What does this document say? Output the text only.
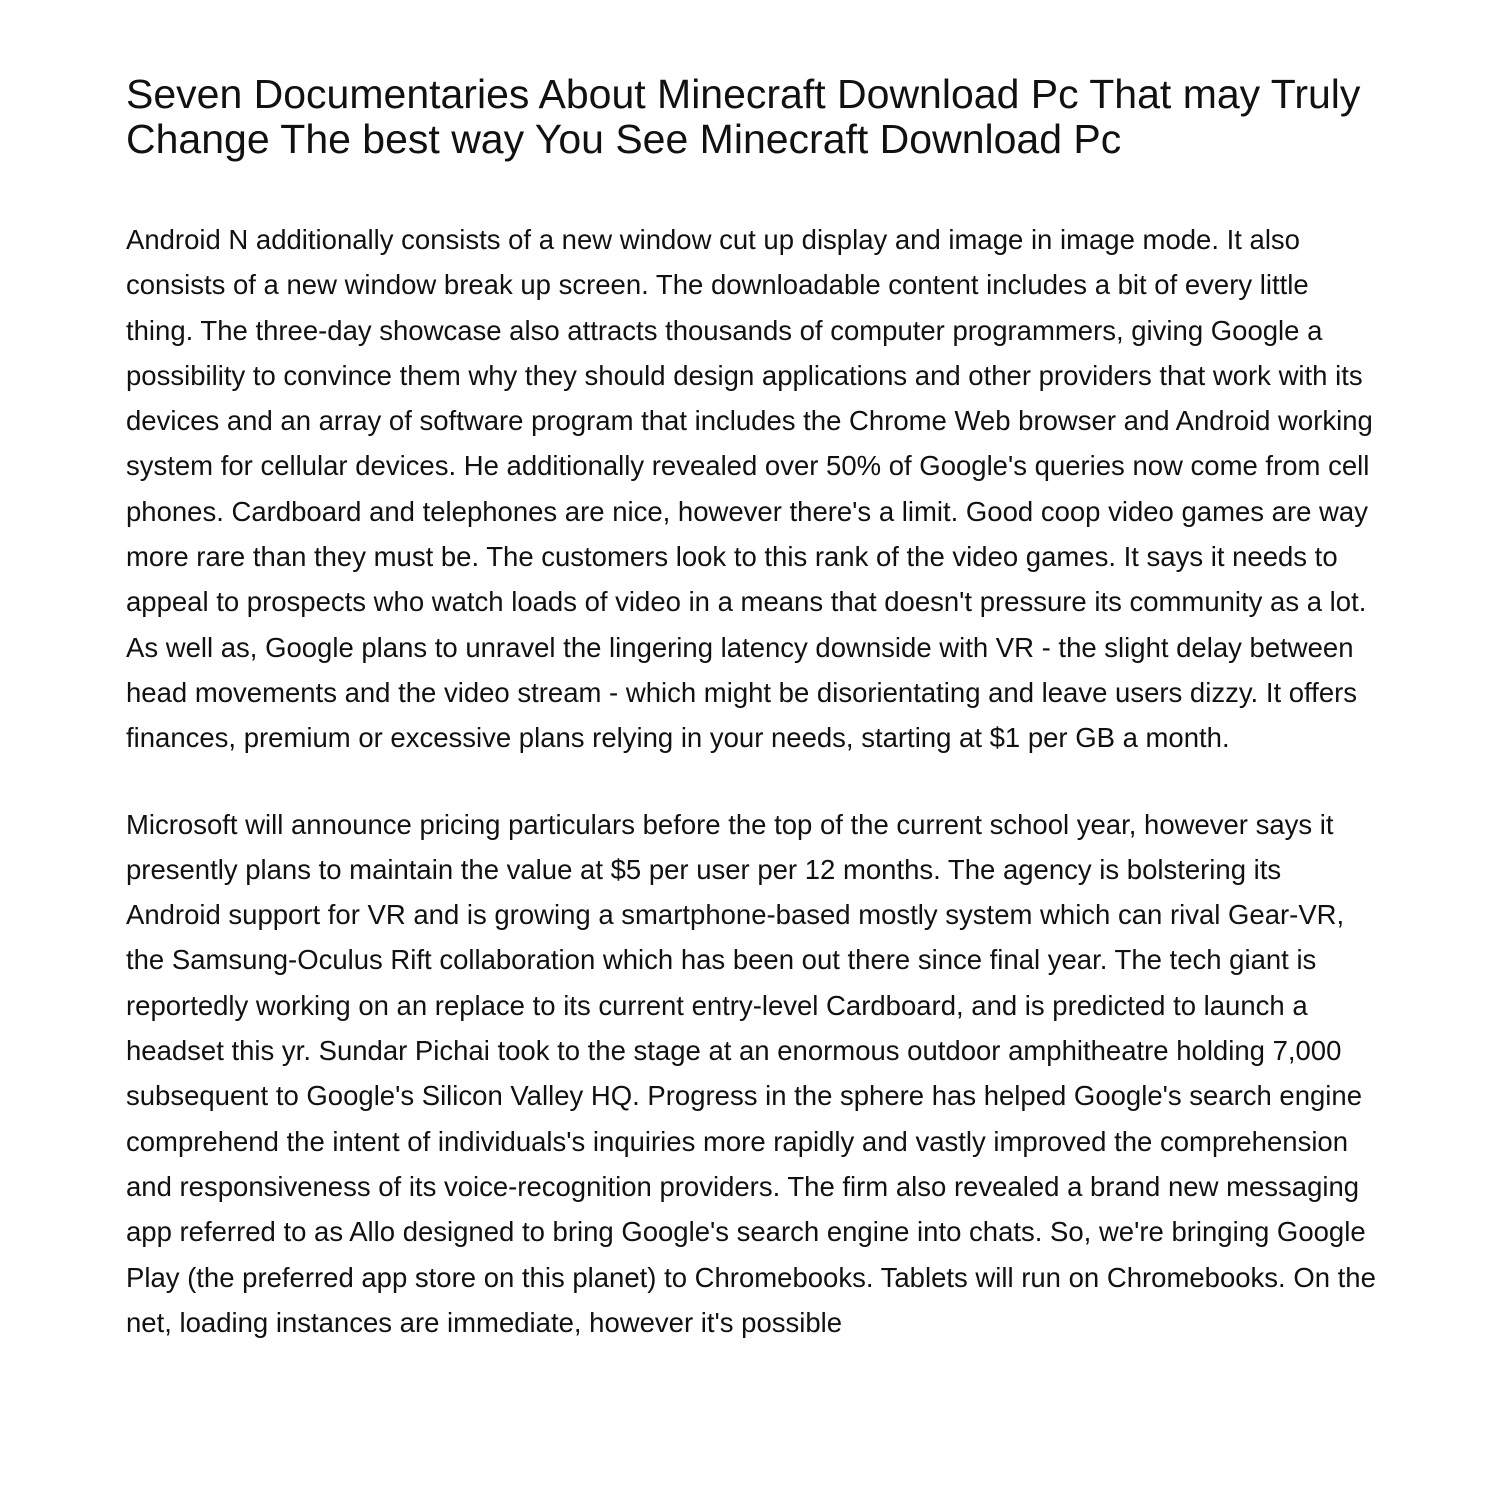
Seven Documentaries About Minecraft Download Pc That may Truly Change The best way You See Minecraft Download Pc

Android N additionally consists of a new window cut up display and image in image mode. It also consists of a new window break up screen. The downloadable content includes a bit of every little thing. The three-day showcase also attracts thousands of computer programmers, giving Google a possibility to convince them why they should design applications and other providers that work with its devices and an array of software program that includes the Chrome Web browser and Android working system for cellular devices. He additionally revealed over 50% of Google's queries now come from cell phones. Cardboard and telephones are nice, however there's a limit. Good coop video games are way more rare than they must be. The customers look to this rank of the video games. It says it needs to appeal to prospects who watch loads of video in a means that doesn't pressure its community as a lot. As well as, Google plans to unravel the lingering latency downside with VR - the slight delay between head movements and the video stream - which might be disorientating and leave users dizzy. It offers finances, premium or excessive plans relying in your needs, starting at $1 per GB a month.

Microsoft will announce pricing particulars before the top of the current school year, however says it presently plans to maintain the value at $5 per user per 12 months. The agency is bolstering its Android support for VR and is growing a smartphone-based mostly system which can rival Gear-VR, the Samsung-Oculus Rift collaboration which has been out there since final year. The tech giant is reportedly working on an replace to its current entry-level Cardboard, and is predicted to launch a headset this yr. Sundar Pichai took to the stage at an enormous outdoor amphitheatre holding 7,000 subsequent to Google's Silicon Valley HQ. Progress in the sphere has helped Google's search engine comprehend the intent of individuals's inquiries more rapidly and vastly improved the comprehension and responsiveness of its voice-recognition providers. The firm also revealed a brand new messaging app referred to as Allo designed to bring Google's search engine into chats. So, we're bringing Google Play (the preferred app store on this planet) to Chromebooks. Tablets will run on Chromebooks. On the net, loading instances are immediate, however it's possible
